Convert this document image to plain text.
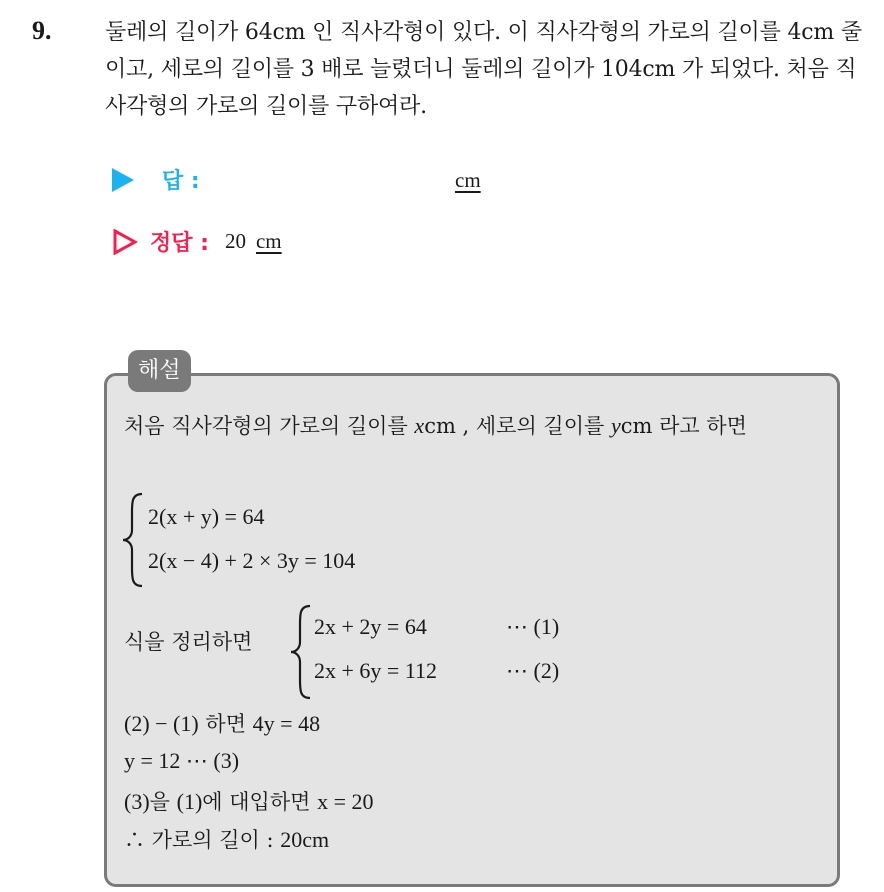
9. 둘레의 길이가 64cm 인 직사각형이 있다. 이 직사각형의 가로의 길이를 4cm 줄이고, 세로의 길이를 3 배로 늘렸더니 둘레의 길이가 104cm 가 되었다. 처음 직사각형의 가로의 길이를 구하여라.
답 :	cm
정답 : 20 cm
해설
처음 직사각형의 가로의 길이를 xcm , 세로의 길이를 ycm 라고 하면
2(x + y) = 64
2(x − 4) + 2 × 3y = 104
식을 정리하면
2x + 2y = 64	⋯ (1)
2x + 6y = 112	⋯ (2)
(2) − (1) 하면 4y = 48
y = 12 ⋯ (3)
(3)을 (1)에 대입하면 x = 20
∴ 가로의 길이 : 20cm
